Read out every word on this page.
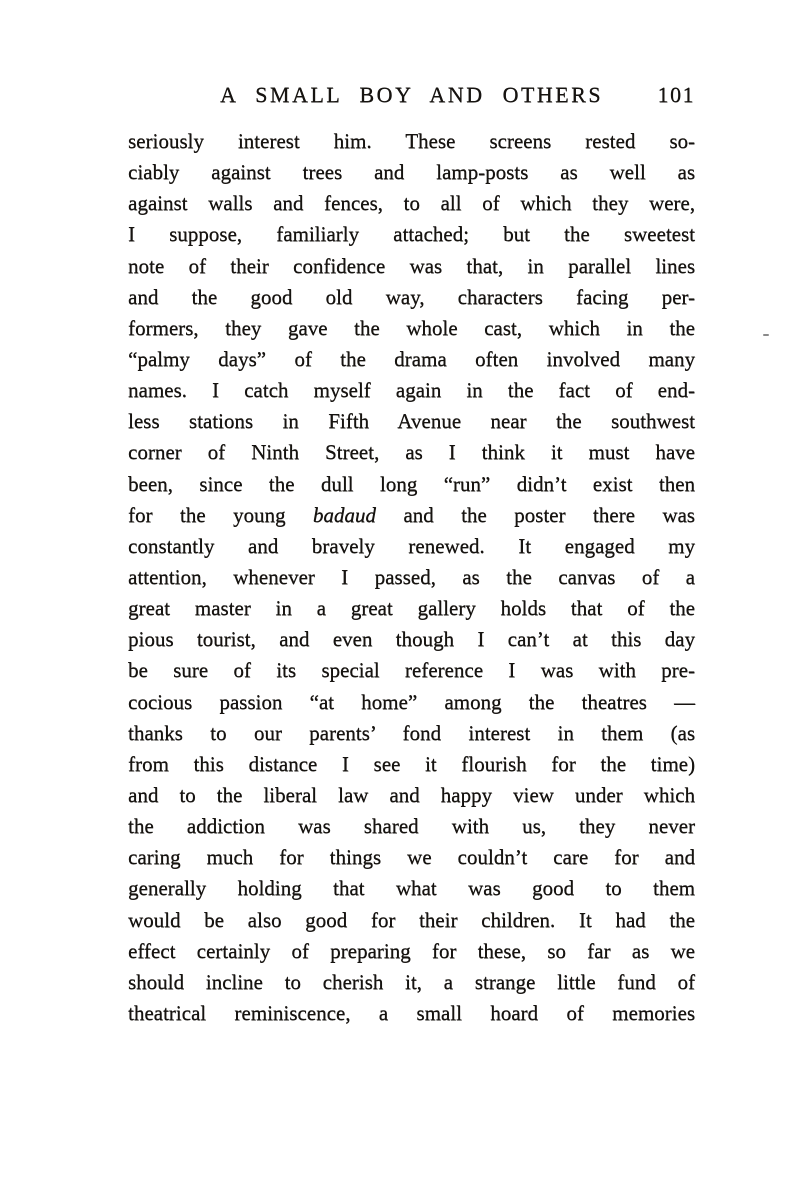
A SMALL BOY AND OTHERS 101
seriously interest him. These screens rested so-
ciably against trees and lamp-posts as well as
against walls and fences, to all of which they were,
I suppose, familiarly attached; but the sweetest
note of their confidence was that, in parallel lines
and the good old way, characters facing per-
formers, they gave the whole cast, which in the
“palmy days” of the drama often involved many
names. I catch myself again in the fact of end-
less stations in Fifth Avenue near the southwest
corner of Ninth Street, as I think it must have
been, since the dull long “run” didn’t exist then
for the young badaud and the poster there was
constantly and bravely renewed. It engaged my
attention, whenever I passed, as the canvas of a
great master in a great gallery holds that of the
pious tourist, and even though I can’t at this day
be sure of its special reference I was with pre-
cocious passion “at home” among the theatres —
thanks to our parents’ fond interest in them (as
from this distance I see it flourish for the time)
and to the liberal law and happy view under which
the addiction was shared with us, they never
caring much for things we couldn’t care for and
generally holding that what was good to them
would be also good for their children. It had the
effect certainly of preparing for these, so far as we
should incline to cherish it, a strange little fund of
theatrical reminiscence, a small hoard of memories
